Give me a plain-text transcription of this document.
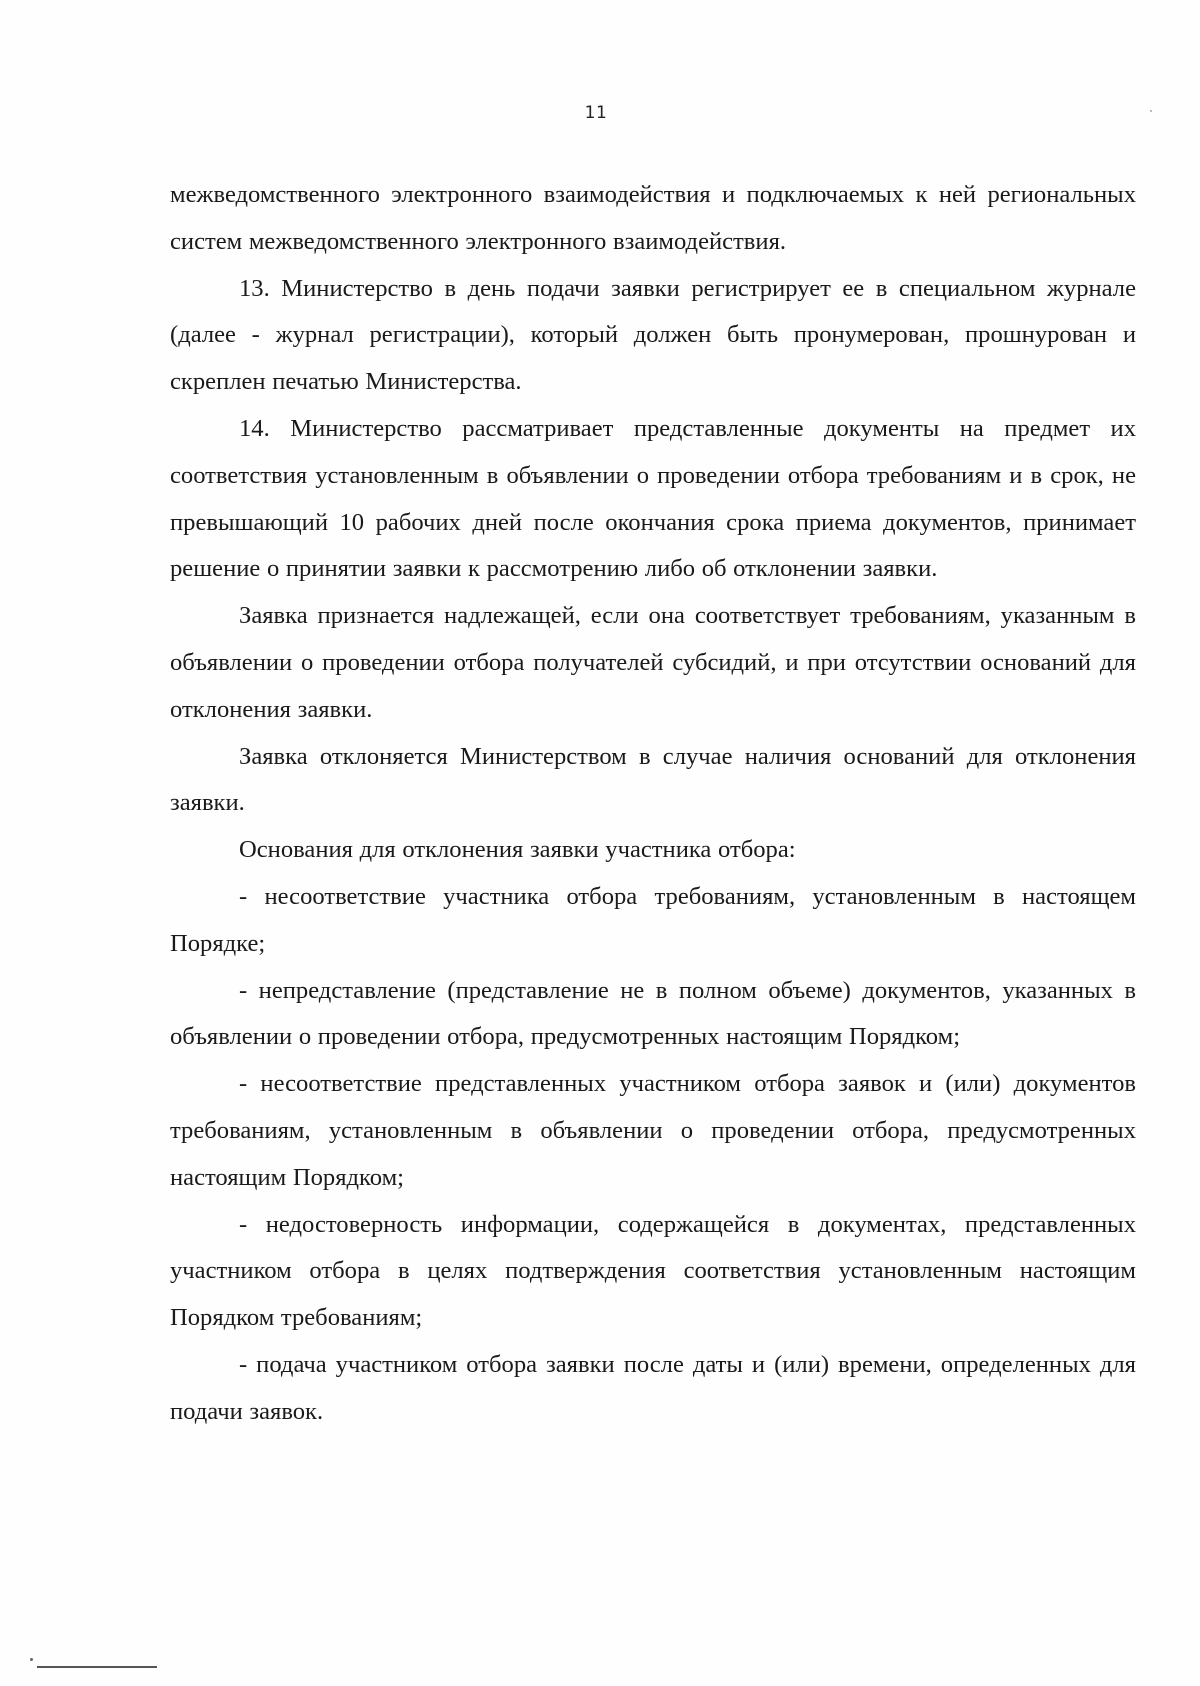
11

межведомственного электронного взаимодействия и подключаемых к ней региональных систем межведомственного электронного взаимодействия.

13. Министерство в день подачи заявки регистрирует ее в специальном журнале (далее - журнал регистрации), который должен быть пронумерован, прошнурован и скреплен печатью Министерства.

14. Министерство рассматривает представленные документы на предмет их соответствия установленным в объявлении о проведении отбора требованиям и в срок, не превышающий 10 рабочих дней после окончания срока приема документов, принимает решение о принятии заявки к рассмотрению либо об отклонении заявки.

Заявка признается надлежащей, если она соответствует требованиям, указанным в объявлении о проведении отбора получателей субсидий, и при отсутствии оснований для отклонения заявки.

Заявка отклоняется Министерством в случае наличия оснований для отклонения заявки.

Основания для отклонения заявки участника отбора:

- несоответствие участника отбора требованиям, установленным в настоящем Порядке;

- непредставление (представление не в полном объеме) документов, указанных в объявлении о проведении отбора, предусмотренных настоящим Порядком;

- несоответствие представленных участником отбора заявок и (или) документов требованиям, установленным в объявлении о проведении отбора, предусмотренных настоящим Порядком;

- недостоверность информации, содержащейся в документах, представленных участником отбора в целях подтверждения соответствия установленным настоящим Порядком требованиям;

- подача участником отбора заявки после даты и (или) времени, определенных для подачи заявок.
